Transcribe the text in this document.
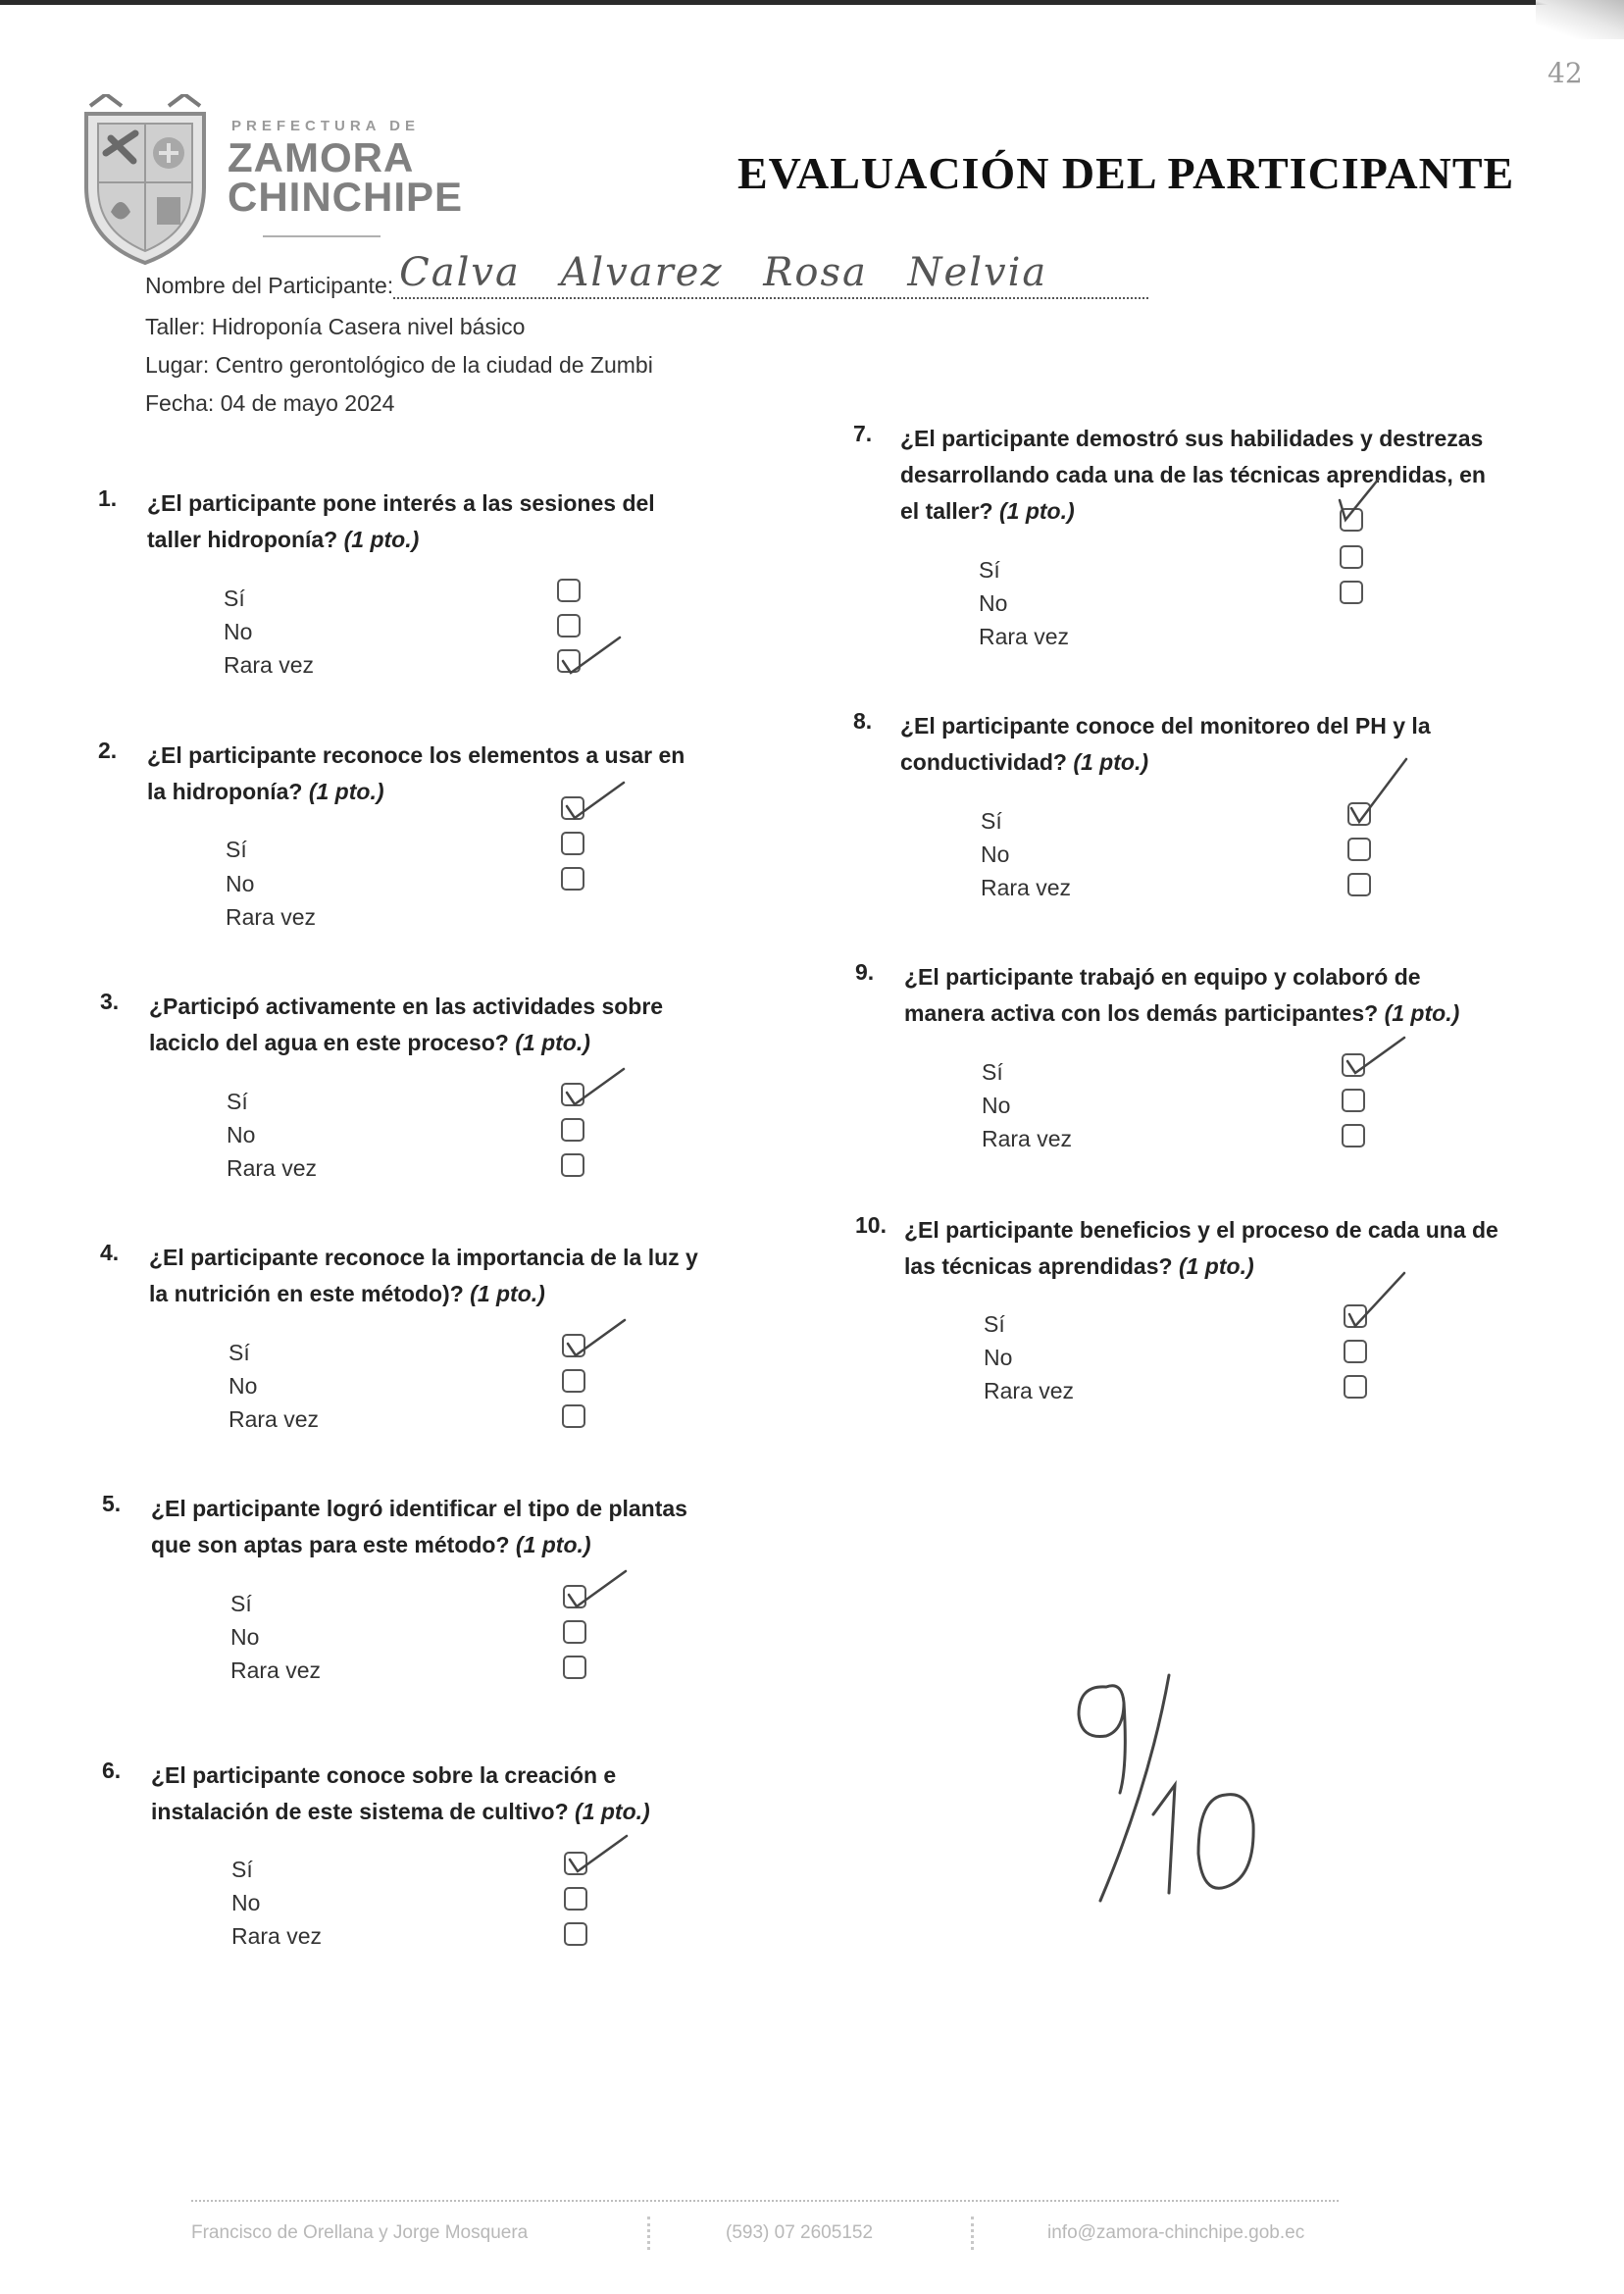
42
PREFECTURA DE
ZAMORA
CHINCHIPE	EVALUACIÓN DEL PARTICIPANTE
Nombre del Participante: Calva Alvarez Rosa Nelvia
Taller: Hidroponía Casera nivel básico
Lugar: Centro gerontológico de la ciudad de Zumbi
Fecha: 04 de mayo 2024
1. ¿El participante pone interés a las sesiones del
taller hidroponía? (1 pto.)
Sí
No
Rara vez
2. ¿El participante reconoce los elementos a usar en
la hidroponía? (1 pto.)
Sí
No
Rara vez
3. ¿Participó activamente en las actividades sobre
laciclo del agua en este proceso? (1 pto.)
Sí
No
Rara vez
4. ¿El participante reconoce la importancia de la luz y
la nutrición en este método)? (1 pto.)
Sí
No
Rara vez
5. ¿El participante logró identificar el tipo de plantas
que son aptas para este método? (1 pto.)
Sí
No
Rara vez
6. ¿El participante conoce sobre la creación e
instalación de este sistema de cultivo? (1 pto.)
Sí
No
Rara vez
7. ¿El participante demostró sus habilidades y destrezas
desarrollando cada una de las técnicas aprendidas, en
el taller? (1 pto.)
Sí
No
Rara vez
8. ¿El participante conoce del monitoreo del PH y la
conductividad? (1 pto.)
Sí
No
Rara vez
9. ¿El participante trabajó en equipo y colaboró de
manera activa con los demás participantes? (1 pto.)
Sí
No
Rara vez
10. ¿El participante beneficios y el proceso de cada una de
las técnicas aprendidas? (1 pto.)
Sí
No
Rara vez
Francisco de Orellana y Jorge Mosquera	(593) 07 2605152	info@zamora-chinchipe.gob.ec
